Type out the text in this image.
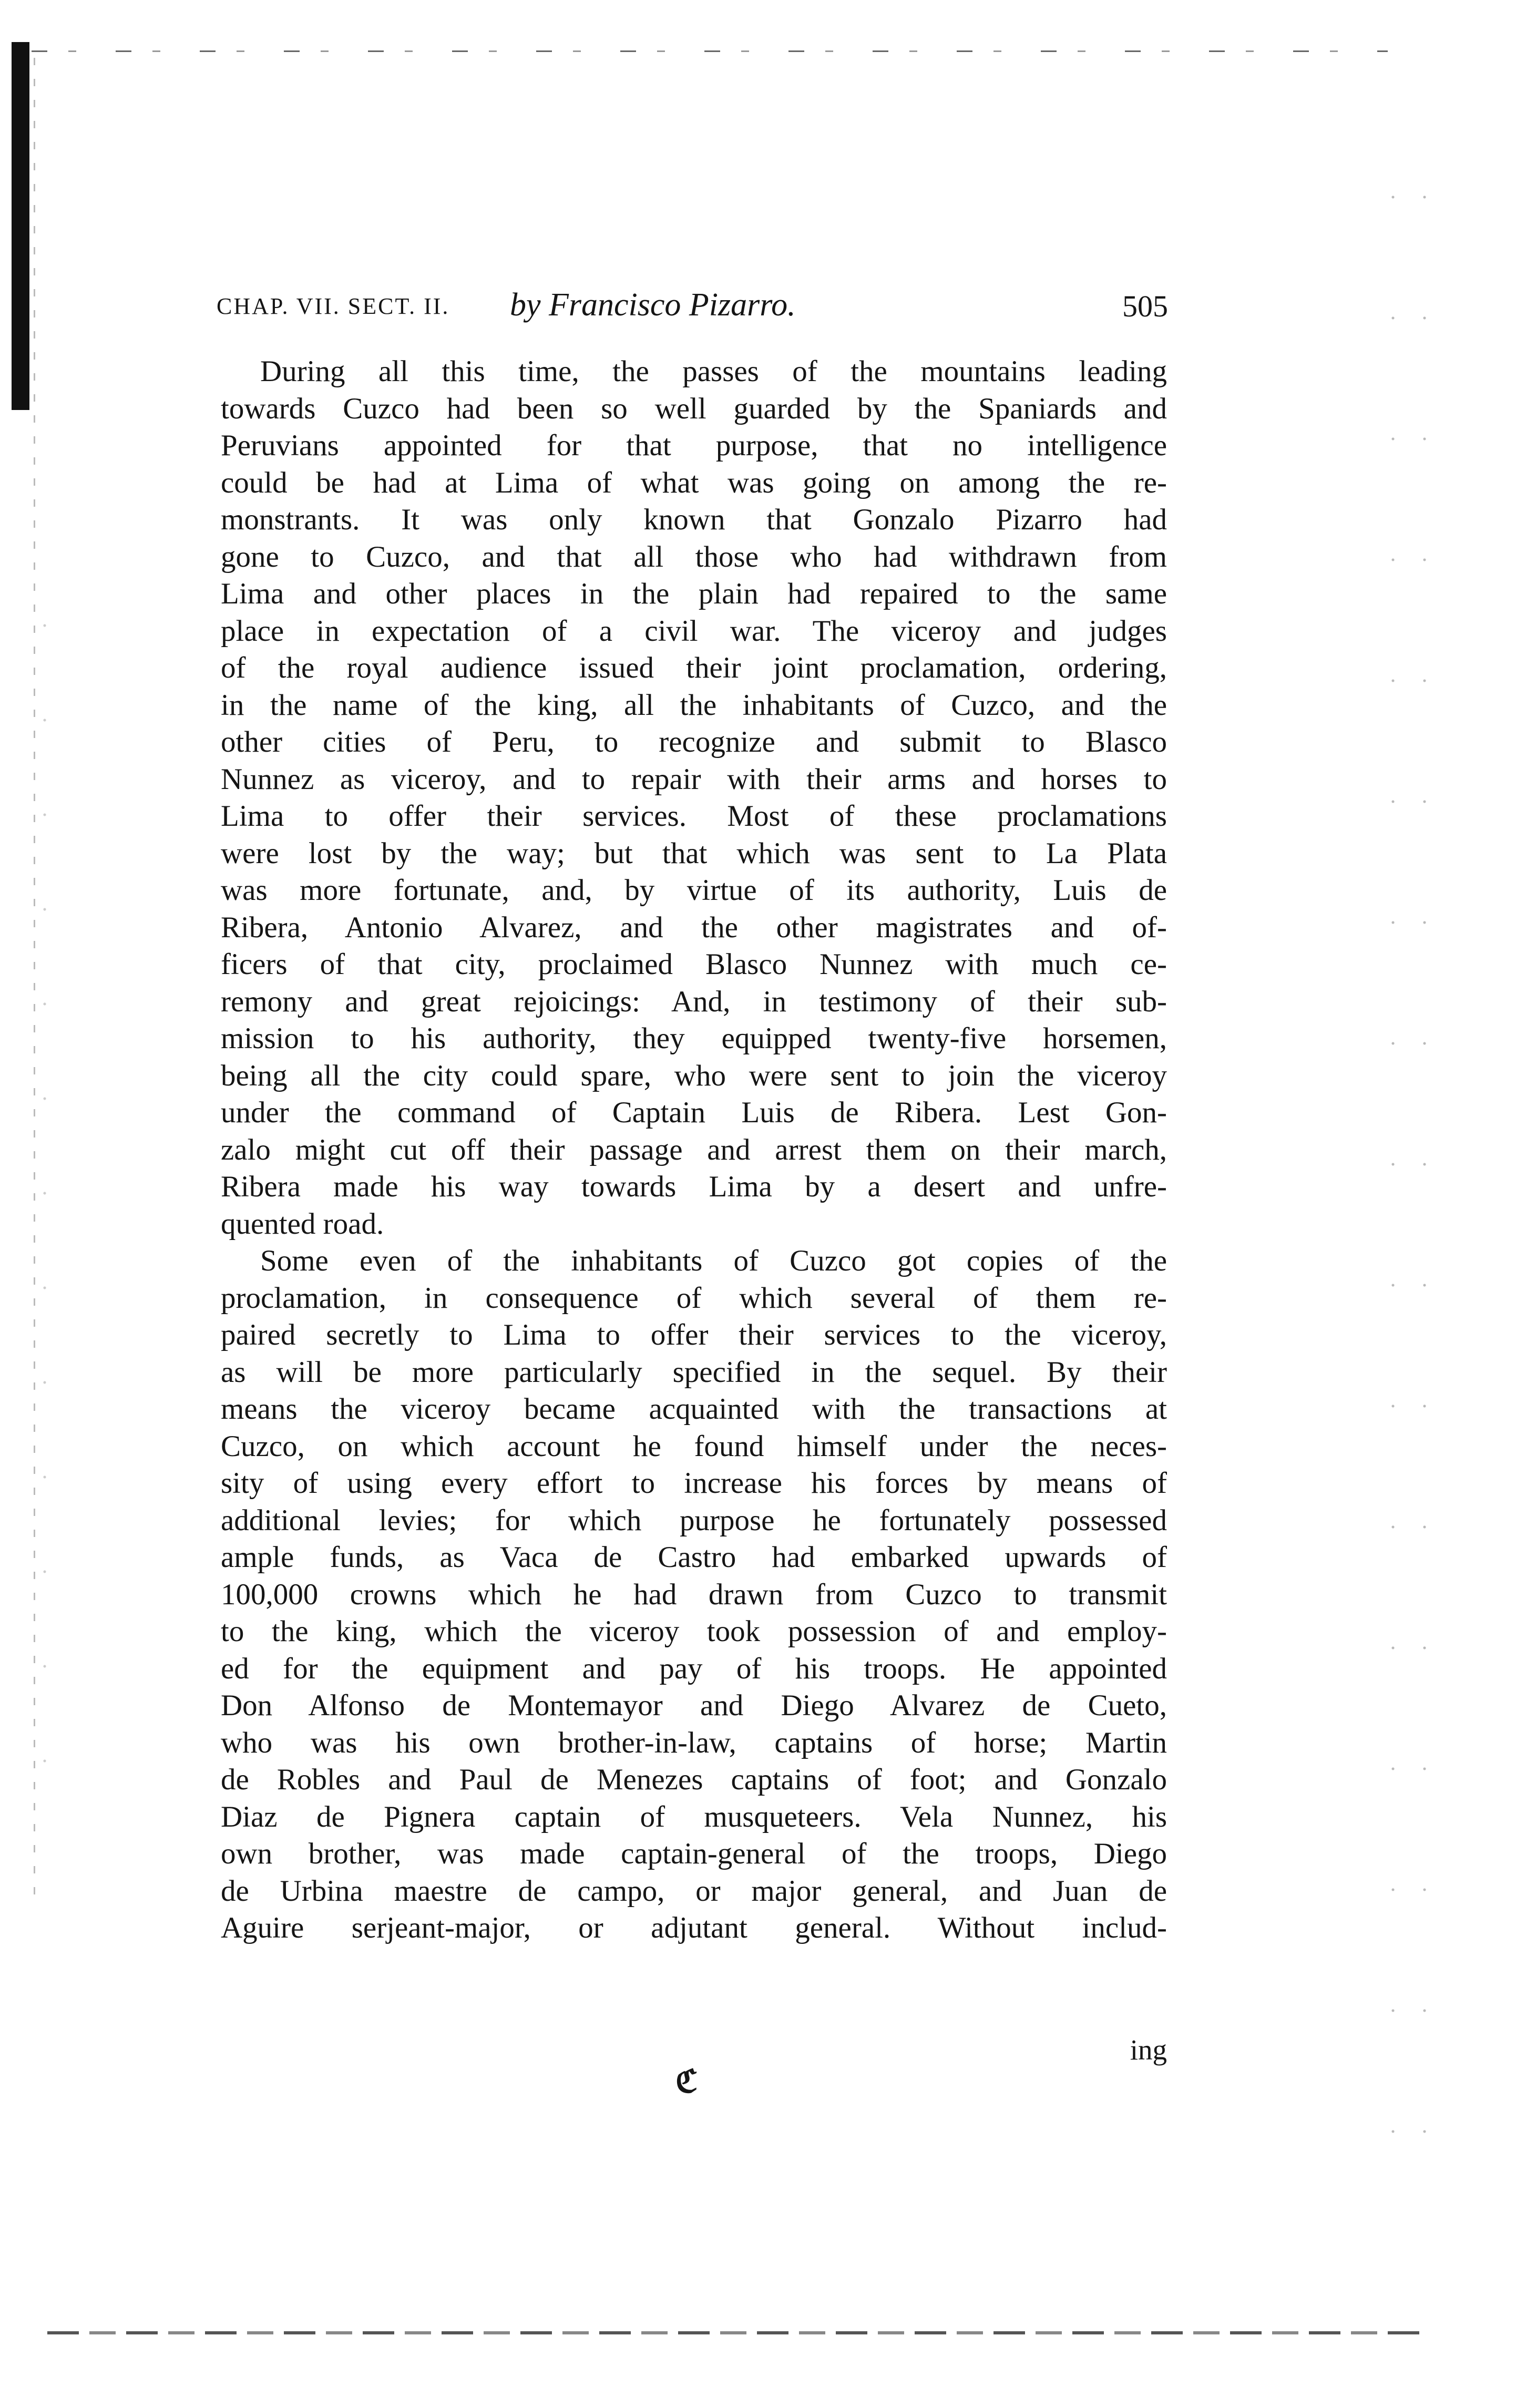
CHAP. VII. SECT. II. by Francisco Pizarro.	505
During all this time, the passes of the mountains leading
towards Cuzco had been so well guarded by the Spaniards and
Peruvians appointed for that purpose, that no intelligence
could be had at Lima of what was going on among the re-
monstrants. It was only known that Gonzalo Pizarro had
gone to Cuzco, and that all those who had withdrawn from
Lima and other places in the plain had repaired to the same
place in expectation of a civil war. The viceroy and judges
of the royal audience issued their joint proclamation, ordering,
in the name of the king, all the inhabitants of Cuzco, and the
other cities of Peru, to recognize and submit to Blasco
Nunnez as viceroy, and to repair with their arms and horses to
Lima to offer their services. Most of these proclamations
were lost by the way; but that which was sent to La Plata
was more fortunate, and, by virtue of its authority, Luis de
Ribera, Antonio Alvarez, and the other magistrates and of-
ficers of that city, proclaimed Blasco Nunnez with much ce-
remony and great rejoicings: And, in testimony of their sub-
mission to his authority, they equipped twenty-five horsemen,
being all the city could spare, who were sent to join the viceroy
under the command of Captain Luis de Ribera. Lest Gon-
zalo might cut off their passage and arrest them on their march,
Ribera made his way towards Lima by a desert and unfre-
quented road.
Some even of the inhabitants of Cuzco got copies of the
proclamation, in consequence of which several of them re-
paired secretly to Lima to offer their services to the viceroy,
as will be more particularly specified in the sequel. By their
means the viceroy became acquainted with the transactions at
Cuzco, on which account he found himself under the neces-
sity of using every effort to increase his forces by means of
additional levies; for which purpose he fortunately possessed
ample funds, as Vaca de Castro had embarked upwards of
100,000 crowns which he had drawn from Cuzco to transmit
to the king, which the viceroy took possession of and employ-
ed for the equipment and pay of his troops. He appointed
Don Alfonso de Montemayor and Diego Alvarez de Cueto,
who was his own brother-in-law, captains of horse; Martin
de Robles and Paul de Menezes captains of foot; and Gonzalo
Diaz de Pignera captain of musqueteers. Vela Nunnez, his
own brother, was made captain-general of the troops, Diego
de Urbina maestre de campo, or major general, and Juan de
Aguire serjeant-major, or adjutant general. Without includ-
ing
ℭ
